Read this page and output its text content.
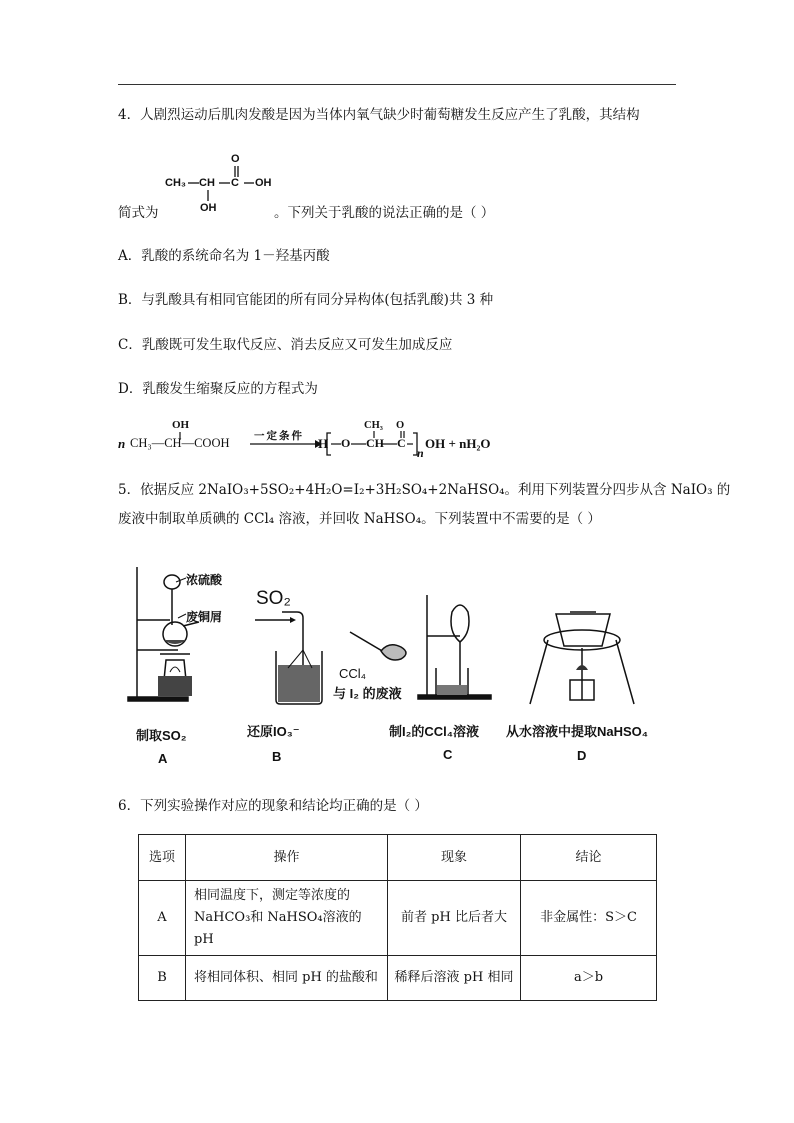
4．人剧烈运动后肌肉发酸是因为当体内氧气缺少时葡萄糖发生反应产生了乳酸，其结构
O
CH₃ CH C OH
OH
简式为	。下列关于乳酸的说法正确的是（ ）
A．乳酸的系统命名为 1－羟基丙酸
B．与乳酸具有相同官能团的所有同分异构体(包括乳酸)共 3 种
C．乳酸既可发生取代反应、消去反应又可发生加成反应
D．乳酸发生缩聚反应的方程式为
OH
n CH₃—CH—COOH 一定条件 H O
CH₃
CH C
O
n
OH + nH₂O
5．依据反应 2NaIO₃+5SO₂+4H₂O=I₂+3H₂SO₄+2NaHSO₄。利用下列装置分四步从含 NaIO₃ 的
废液中制取单质碘的 CCl₄ 溶液，并回收 NaHSO₄。下列装置中不需要的是（ ）
浓硫酸
废铜屑
SO₂
CCl₄
与 I₂ 的废液
制取SO₂	还原IO₃⁻	制I₂的CCl₄溶液 从水溶液中提取NaHSO₄
A	B	C	D
6．下列实验操作对应的现象和结论均正确的是（ ）
选项	操作	现象	结论
A	相同温度下，测定等浓度的
NaHCO₃和 NaHSO₄溶液的 pH	前者 pH 比后者大	非金属性：S＞C
B	将相同体积、相同 pH 的盐酸和	稀释后溶液 pH 相同	a＞b
